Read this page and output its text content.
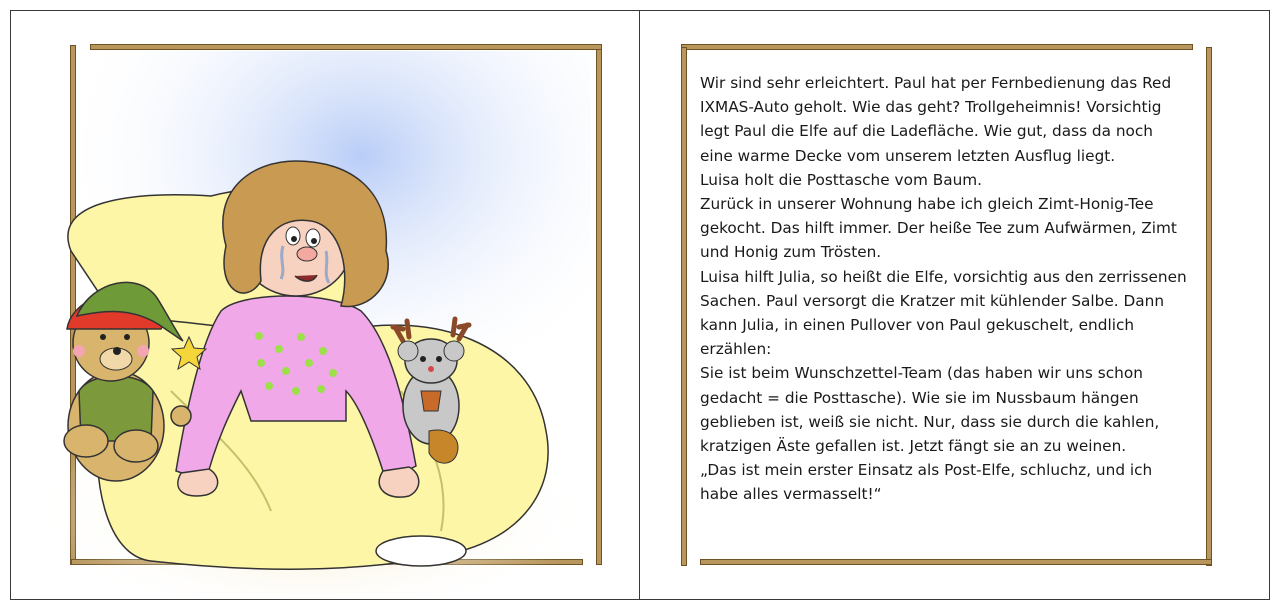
Wir sind sehr erleichtert. Paul hat per Fernbedienung das Red IXMAS-Auto geholt. Wie das geht? Trollgeheimnis! Vorsichtig legt Paul die Elfe auf die Ladefläche. Wie gut, dass da noch eine warme Decke vom unserem letzten Ausflug liegt.

Luisa holt die Posttasche vom Baum.

Zurück in unserer Wohnung habe ich gleich Zimt-Honig-Tee gekocht. Das hilft immer. Der heiße Tee zum Aufwärmen, Zimt und Honig zum Trösten.

Luisa hilft Julia, so heißt die Elfe, vorsichtig aus den zerrissenen Sachen. Paul versorgt die Kratzer mit kühlender Salbe. Dann kann Julia, in einen Pullover von Paul gekuschelt, endlich erzählen:

Sie ist beim Wunschzettel-Team (das haben wir uns schon gedacht = die Posttasche). Wie sie im Nussbaum hängen geblieben ist, weiß sie nicht. Nur, dass sie durch die kahlen, kratzigen Äste gefallen ist. Jetzt fängt sie an zu weinen.

„Das ist mein erster Einsatz als Post-Elfe, schluchz, und ich habe alles vermasselt!“
